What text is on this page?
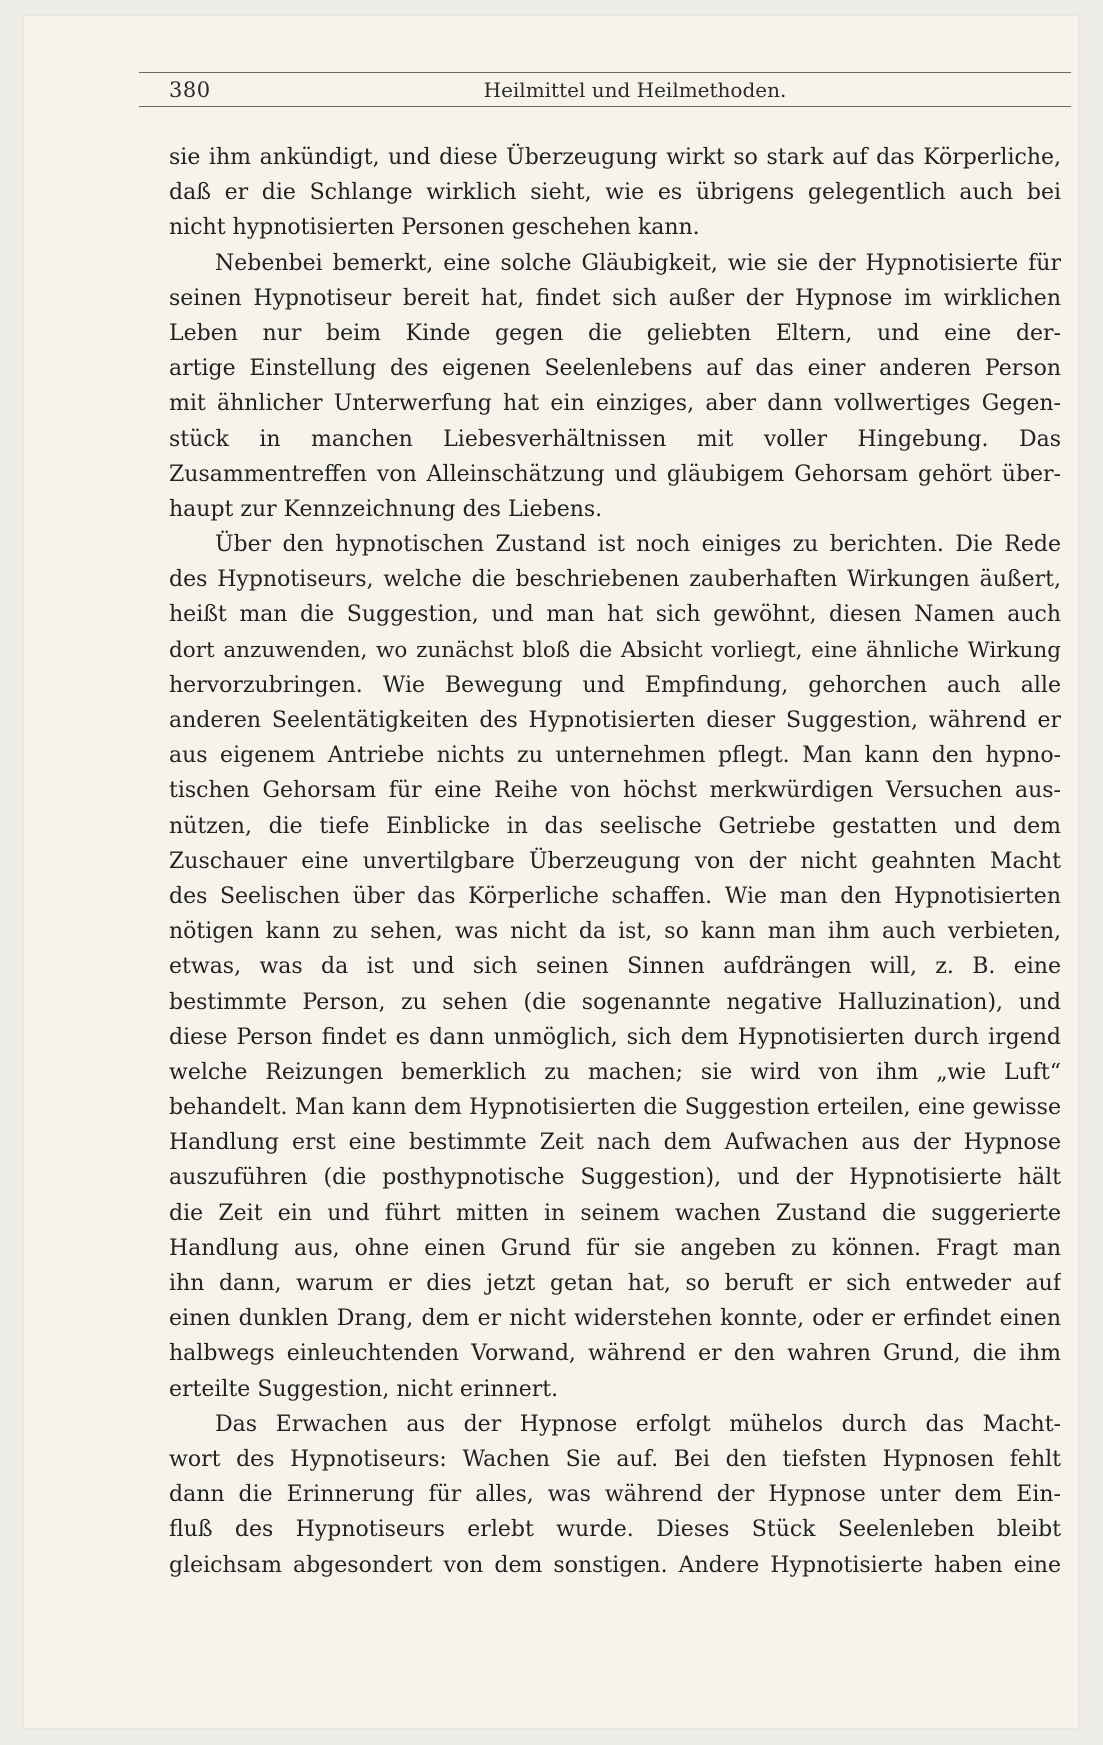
380	Heilmittel und Heilmethoden.
sie ihm ankündigt, und diese Überzeugung wirkt so stark auf das Körperliche,
daß er die Schlange wirklich sieht, wie es übrigens gelegentlich auch bei
nicht hypnotisierten Personen geschehen kann.
Nebenbei bemerkt, eine solche Gläubigkeit, wie sie der Hypnotisierte für
seinen Hypnotiseur bereit hat, findet sich außer der Hypnose im wirklichen
Leben nur beim Kinde gegen die geliebten Eltern, und eine der-
artige Einstellung des eigenen Seelenlebens auf das einer anderen Person
mit ähnlicher Unterwerfung hat ein einziges, aber dann vollwertiges Gegen-
stück in manchen Liebesverhältnissen mit voller Hingebung. Das
Zusammentreffen von Alleinschätzung und gläubigem Gehorsam gehört über-
haupt zur Kennzeichnung des Liebens.
Über den hypnotischen Zustand ist noch einiges zu berichten. Die Rede
des Hypnotiseurs, welche die beschriebenen zauberhaften Wirkungen äußert,
heißt man die Suggestion, und man hat sich gewöhnt, diesen Namen auch
dort anzuwenden, wo zunächst bloß die Absicht vorliegt, eine ähnliche Wirkung
hervorzubringen. Wie Bewegung und Empfindung, gehorchen auch alle
anderen Seelentätigkeiten des Hypnotisierten dieser Suggestion, während er
aus eigenem Antriebe nichts zu unternehmen pflegt. Man kann den hypno-
tischen Gehorsam für eine Reihe von höchst merkwürdigen Versuchen aus-
nützen, die tiefe Einblicke in das seelische Getriebe gestatten und dem
Zuschauer eine unvertilgbare Überzeugung von der nicht geahnten Macht
des Seelischen über das Körperliche schaffen. Wie man den Hypnotisierten
nötigen kann zu sehen, was nicht da ist, so kann man ihm auch verbieten,
etwas, was da ist und sich seinen Sinnen aufdrängen will, z. B. eine
bestimmte Person, zu sehen (die sogenannte negative Halluzination), und
diese Person findet es dann unmöglich, sich dem Hypnotisierten durch irgend
welche Reizungen bemerklich zu machen; sie wird von ihm „wie Luft“
behandelt. Man kann dem Hypnotisierten die Suggestion erteilen, eine gewisse
Handlung erst eine bestimmte Zeit nach dem Aufwachen aus der Hypnose
auszuführen (die posthypnotische Suggestion), und der Hypnotisierte hält
die Zeit ein und führt mitten in seinem wachen Zustand die suggerierte
Handlung aus, ohne einen Grund für sie angeben zu können. Fragt man
ihn dann, warum er dies jetzt getan hat, so beruft er sich entweder auf
einen dunklen Drang, dem er nicht widerstehen konnte, oder er erfindet einen
halbwegs einleuchtenden Vorwand, während er den wahren Grund, die ihm
erteilte Suggestion, nicht erinnert.
Das Erwachen aus der Hypnose erfolgt mühelos durch das Macht-
wort des Hypnotiseurs: Wachen Sie auf. Bei den tiefsten Hypnosen fehlt
dann die Erinnerung für alles, was während der Hypnose unter dem Ein-
fluß des Hypnotiseurs erlebt wurde. Dieses Stück Seelenleben bleibt
gleichsam abgesondert von dem sonstigen. Andere Hypnotisierte haben eine
